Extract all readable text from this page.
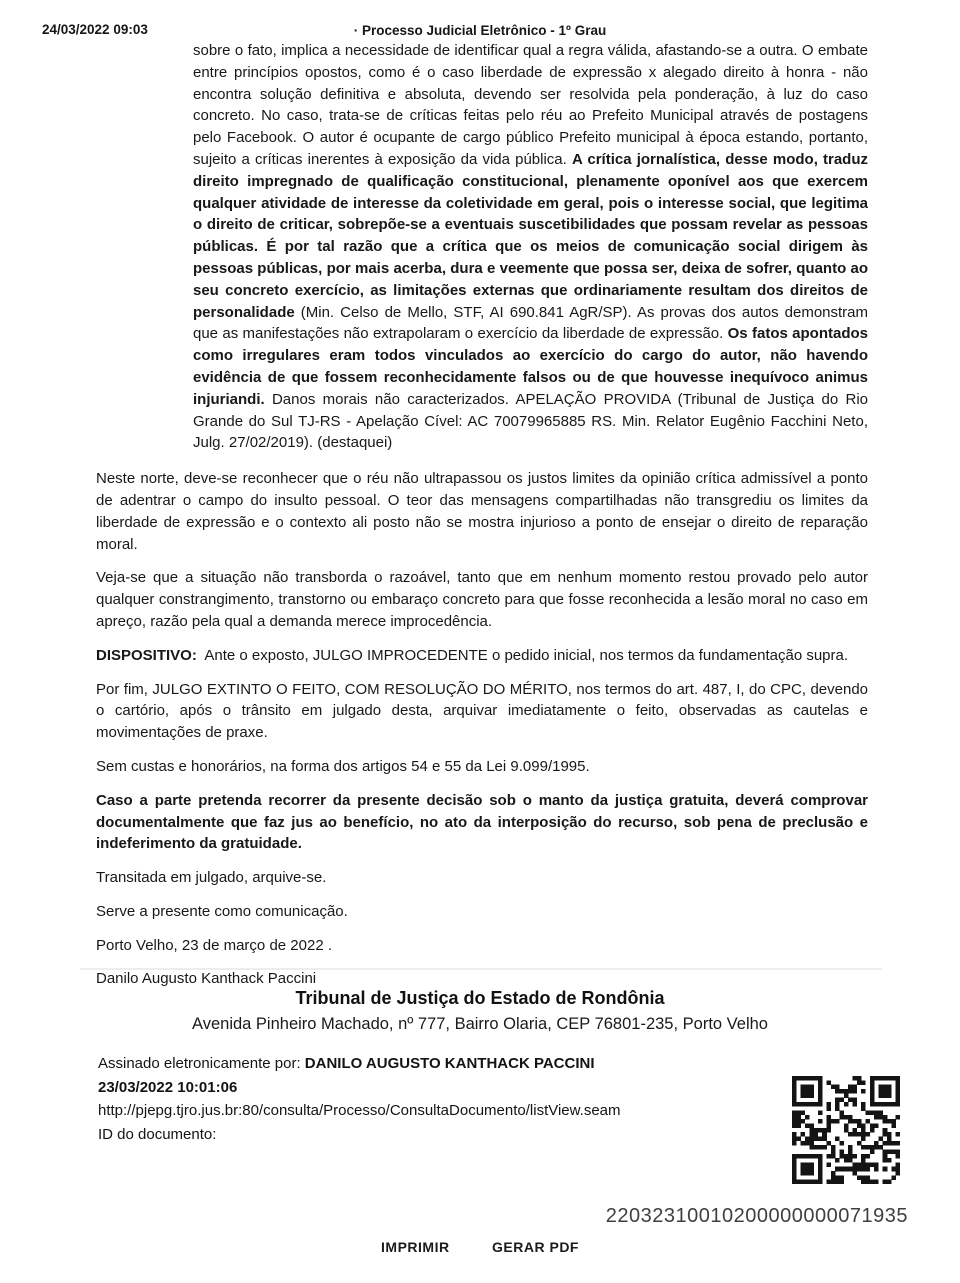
24/03/2022 09:03	· Processo Judicial Eletrônico - 1º Grau
sobre o fato, implica a necessidade de identificar qual a regra válida, afastando-se a outra. O embate entre princípios opostos, como é o caso liberdade de expressão x alegado direito à honra - não encontra solução definitiva e absoluta, devendo ser resolvida pela ponderação, à luz do caso concreto. No caso, trata-se de críticas feitas pelo réu ao Prefeito Municipal através de postagens pelo Facebook. O autor é ocupante de cargo público Prefeito municipal à época estando, portanto, sujeito a críticas inerentes à exposição da vida pública. A crítica jornalística, desse modo, traduz direito impregnado de qualificação constitucional, plenamente oponível aos que exercem qualquer atividade de interesse da coletividade em geral, pois o interesse social, que legitima o direito de criticar, sobrepõe-se a eventuais suscetibilidades que possam revelar as pessoas públicas. É por tal razão que a crítica que os meios de comunicação social dirigem às pessoas públicas, por mais acerba, dura e veemente que possa ser, deixa de sofrer, quanto ao seu concreto exercício, as limitações externas que ordinariamente resultam dos direitos de personalidade (Min. Celso de Mello, STF, AI 690.841 AgR/SP). As provas dos autos demonstram que as manifestações não extrapolaram o exercício da liberdade de expressão. Os fatos apontados como irregulares eram todos vinculados ao exercício do cargo do autor, não havendo evidência de que fossem reconhecidamente falsos ou de que houvesse inequívoco animus injuriandi. Danos morais não caracterizados. APELAÇÃO PROVIDA (Tribunal de Justiça do Rio Grande do Sul TJ-RS - Apelação Cível: AC 70079965885 RS. Min. Relator Eugênio Facchini Neto, Julg. 27/02/2019). (destaquei)

Neste norte, deve-se reconhecer que o réu não ultrapassou os justos limites da opinião crítica admissível a ponto de adentrar o campo do insulto pessoal. O teor das mensagens compartilhadas não transgrediu os limites da liberdade de expressão e o contexto ali posto não se mostra injurioso a ponto de ensejar o direito de reparação moral.

Veja-se que a situação não transborda o razoável, tanto que em nenhum momento restou provado pelo autor qualquer constrangimento, transtorno ou embaraço concreto para que fosse reconhecida a lesão moral no caso em apreço, razão pela qual a demanda merece improcedência.

DISPOSITIVO:  Ante o exposto, JULGO IMPROCEDENTE o pedido inicial, nos termos da fundamentação supra.

Por fim, JULGO EXTINTO O FEITO, COM RESOLUÇÃO DO MÉRITO, nos termos do art. 487, I, do CPC, devendo o cartório, após o trânsito em julgado desta, arquivar imediatamente o feito, observadas as cautelas e movimentações de praxe.

Sem custas e honorários, na forma dos artigos 54 e 55 da Lei 9.099/1995.

Caso a parte pretenda recorrer da presente decisão sob o manto da justiça gratuita, deverá comprovar documentalmente que faz jus ao benefício, no ato da interposição do recurso, sob pena de preclusão e indeferimento da gratuidade.

Transitada em julgado, arquive-se.

Serve a presente como comunicação.

Porto Velho, 23 de março de 2022 .

Danilo Augusto Kanthack Paccini

Tribunal de Justiça do Estado de Rondônia
Avenida Pinheiro Machado, nº 777, Bairro Olaria, CEP 76801-235, Porto Velho
Assinado eletronicamente por: DANILO AUGUSTO KANTHACK PACCINI
23/03/2022 10:01:06
http://pjepg.tjro.jus.br:80/consulta/Processo/ConsultaDocumento/listView.seam
ID do documento:
22032310010200000000071935
IMPRIMIR	GERAR PDF
